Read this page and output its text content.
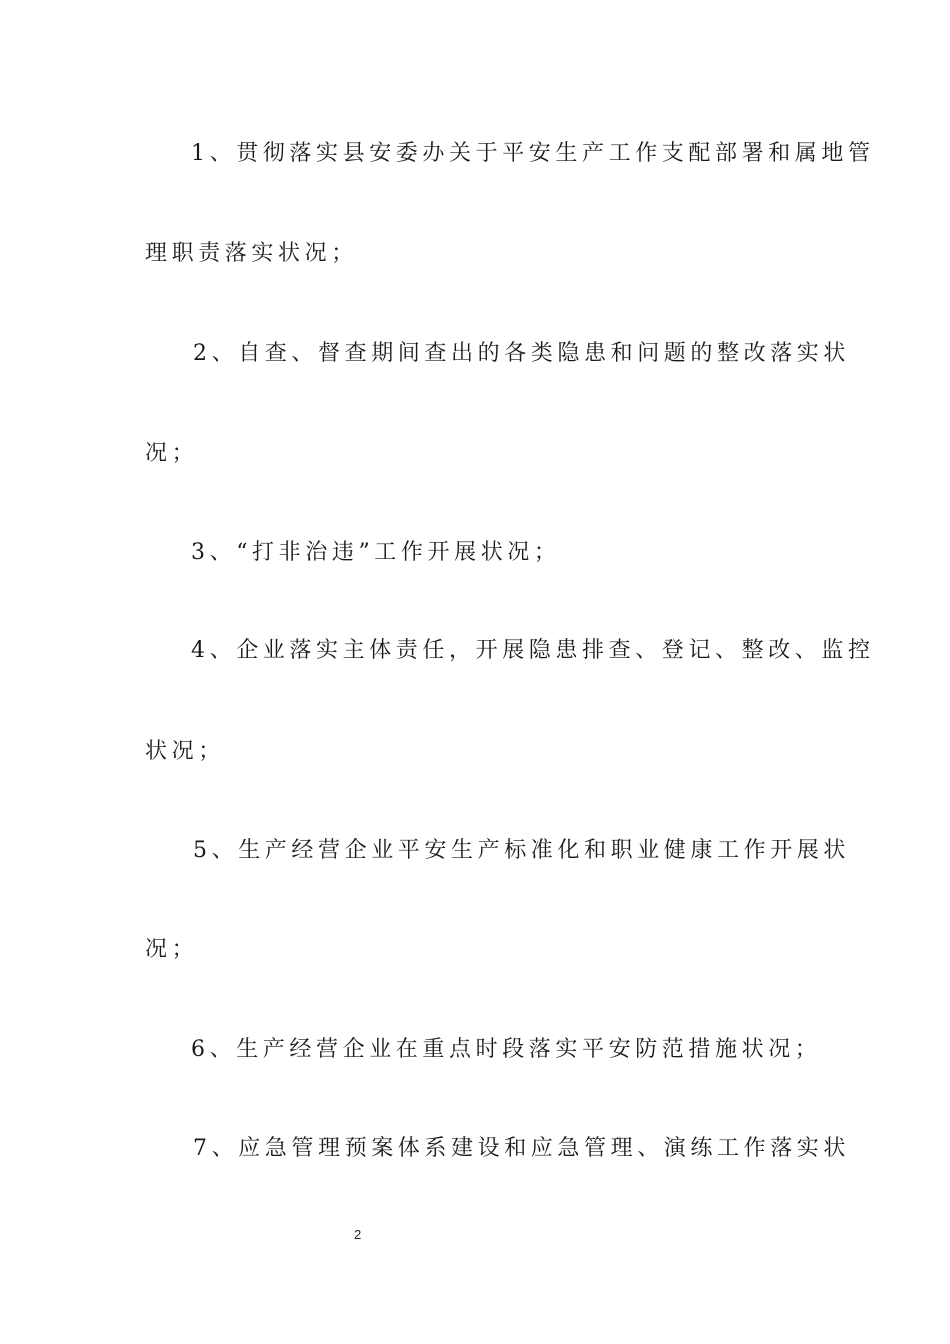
1、贯彻落实县安委办关于平安生产工作支配部署和属地管
理职责落实状况；
2、自查、督查期间查出的各类隐患和问题的整改落实状
况；
3、“打非治违”工作开展状况；
4、企业落实主体责任，开展隐患排查、登记、整改、监控
状况；
5、生产经营企业平安生产标准化和职业健康工作开展状
况；
6、生产经营企业在重点时段落实平安防范措施状况；
7、应急管理预案体系建设和应急管理、演练工作落实状
2
